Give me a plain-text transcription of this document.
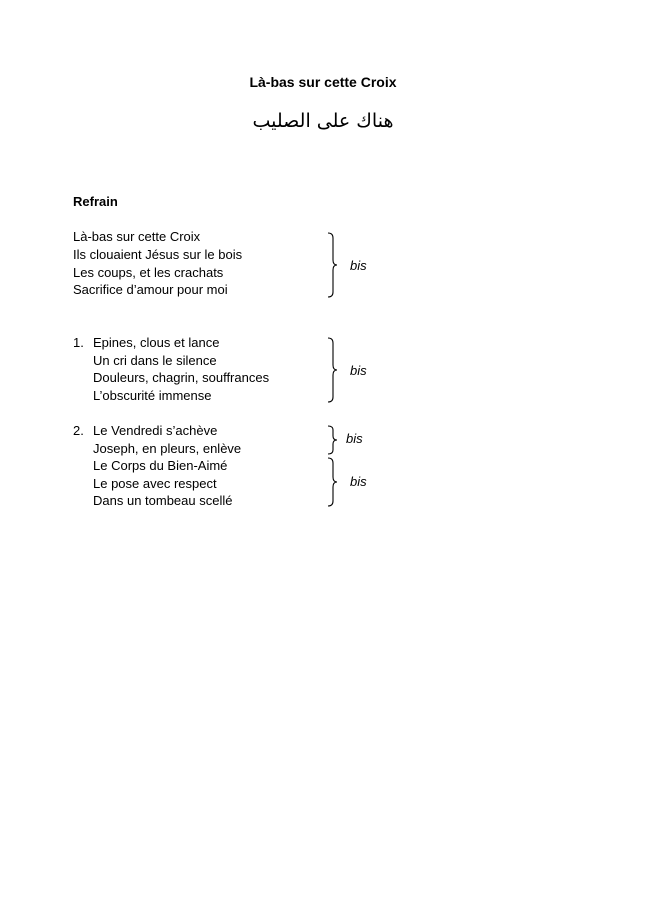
Là-bas sur cette Croix
هناك على الصليب
Refrain
Là-bas sur cette Croix
Ils clouaient Jésus sur le bois
Les coups, et les crachats
Sacrifice d’amour pour moi
bis
1. Epines, clous et lance
Un cri dans le silence
Douleurs, chagrin, souffrances
L’obscurité immense
bis
2. Le Vendredi s’achève
Joseph, en pleurs, enlève
Le Corps du Bien-Aimé
Le pose avec respect
Dans un tombeau scellé
bis
bis
